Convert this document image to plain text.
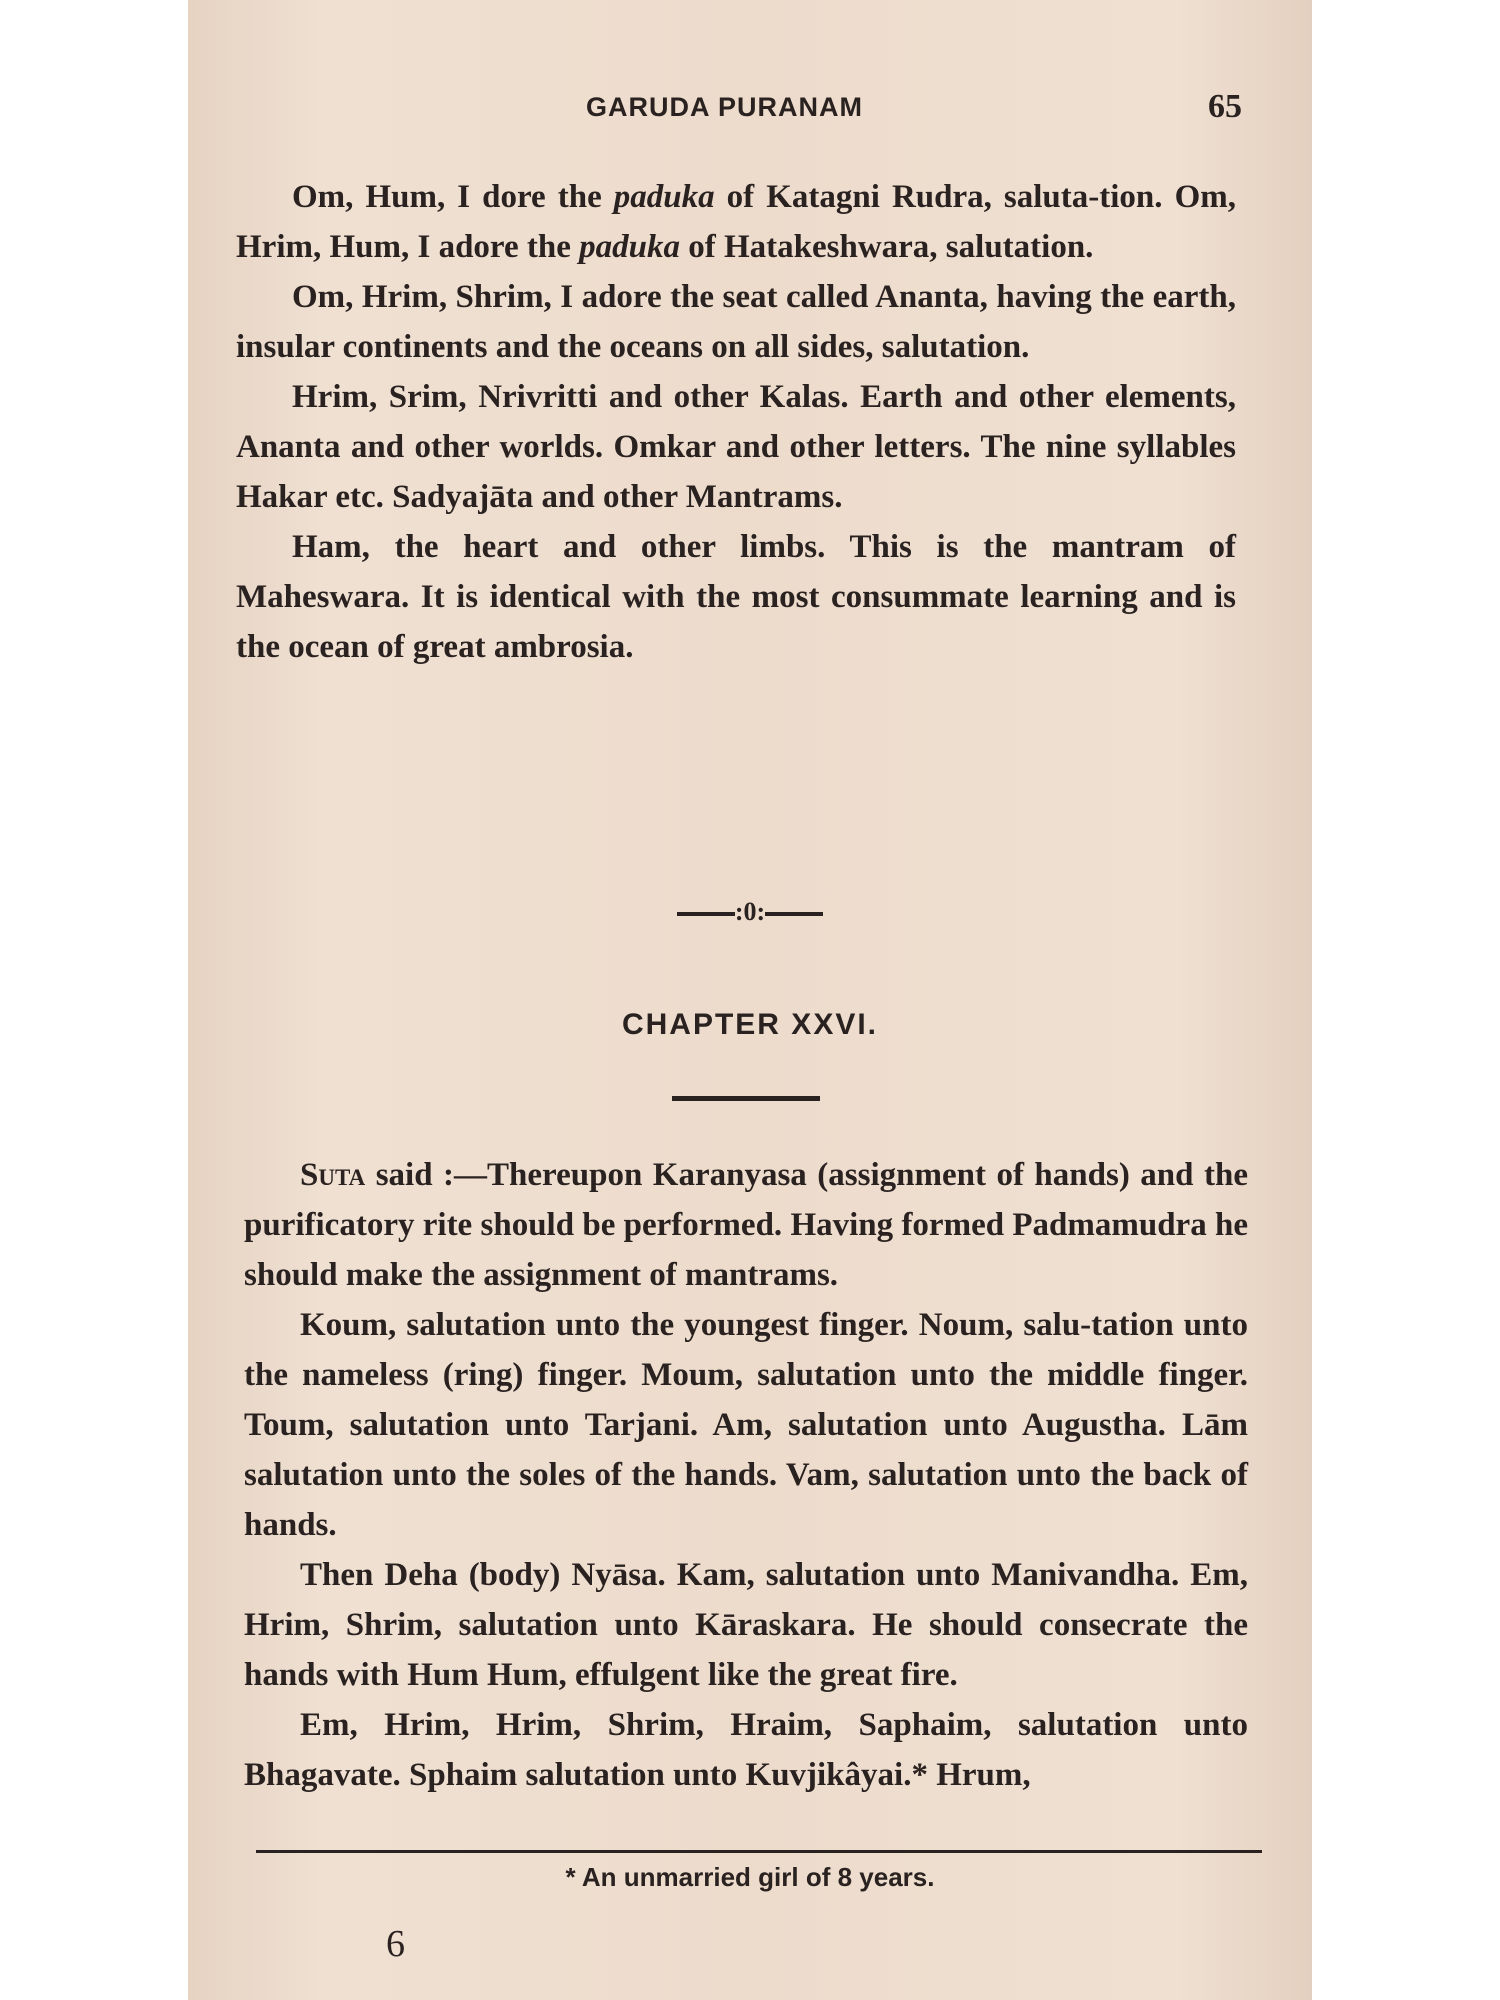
GARUDA PURANAM	65

Om, Hum, I dore the paduka of Katagni Rudra, saluta-tion. Om, Hrim, Hum, I adore the paduka of Hatakeshwara, salutation.

Om, Hrim, Shrim, I adore the seat called Ananta, having the earth, insular continents and the oceans on all sides, salutation.

Hrim, Srim, Nrivritti and other Kalas. Earth and other elements, Ananta and other worlds. Omkar and other letters. The nine syllables Hakar etc. Sadyajāta and other Mantrams.

Ham, the heart and other limbs. This is the mantram of Maheswara. It is identical with the most consummate learning and is the ocean of great ambrosia.

:0:
CHAPTER XXVI.

Suta said :—Thereupon Karanyasa (assignment of hands) and the purificatory rite should be performed. Having formed Padmamudra he should make the assignment of mantrams.

Koum, salutation unto the youngest finger. Noum, salu-tation unto the nameless (ring) finger. Moum, salutation unto the middle finger. Toum, salutation unto Tarjani. Am, salutation unto Augustha. Lām salutation unto the soles of the hands. Vam, salutation unto the back of hands.

Then Deha (body) Nyāsa. Kam, salutation unto Manivandha. Em, Hrim, Shrim, salutation unto Kāraskara. He should consecrate the hands with Hum Hum, effulgent like the great fire.

Em, Hrim, Hrim, Shrim, Hraim, Saphaim, salutation unto Bhagavate. Sphaim salutation unto Kuvjikâyai.* Hrum,

* An unmarried girl of 8 years.
6
